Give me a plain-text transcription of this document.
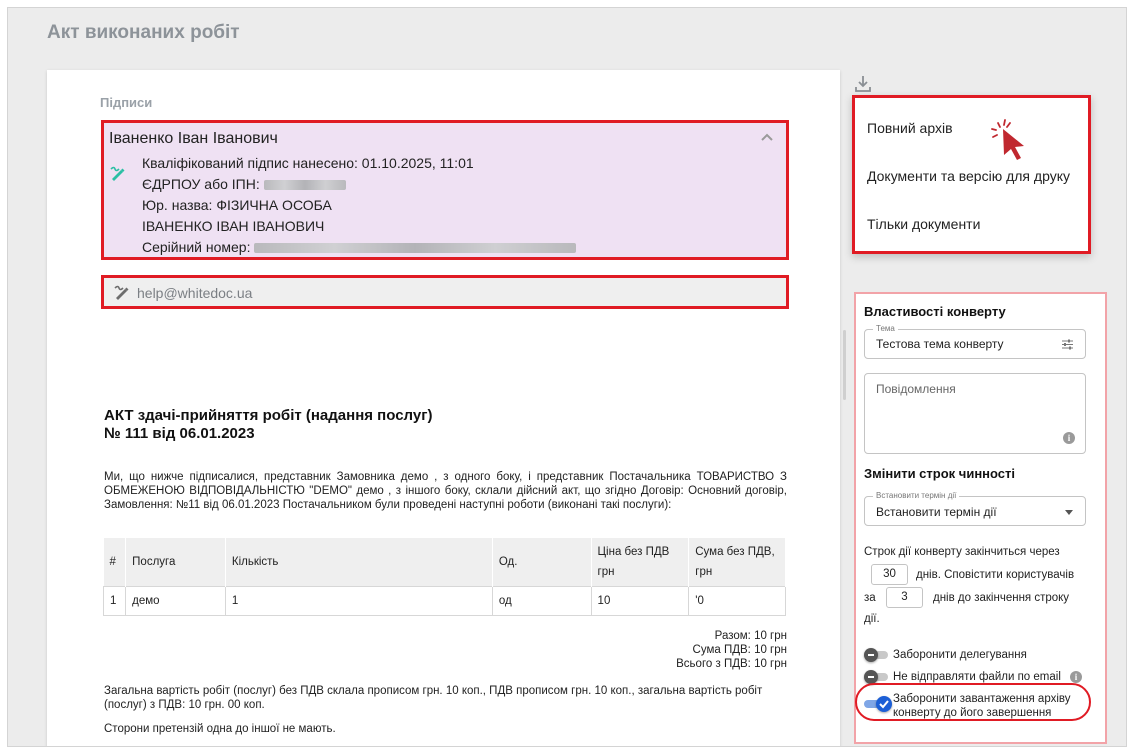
Акт виконаних робіт
Підписи
Іваненко Іван Іванович
Кваліфікований підпис нанесено: 01.10.2025, 11:01
ЄДРПОУ або ІПН:
Юр. назва: ФІЗИЧНА ОСОБА
ІВАНЕНКО ІВАН ІВАНОВИЧ
Серійний номер:
help@whitedoc.ua
АКТ здачі-прийняття робіт (надання послуг)
№ 111 від 06.01.2023
Ми, що нижче підписалися, представник Замовника демо , з одного боку, і представник Постачальника ТОВАРИСТВО З ОБМЕЖЕНОЮ ВІДПОВІДАЛЬНІСТЮ "DEMO" демо , з іншого боку, склали дійсний акт, що згідно Договір: Основний договір, Замовлення: №11 від 06.01.2023 Постачальником були проведені наступні роботи (виконані такі послуги):
#	Послуга	Кількість	Од.	Ціна без ПДВ грн	Сума без ПДВ, грн
1	демо	1	од	10	'0
Разом: 10 грн
Сума ПДВ: 10 грн
Всього з ПДВ: 10 грн
Загальна вартість робіт (послуг) без ПДВ склала прописом грн. 10 коп., ПДВ прописом грн. 10 коп., загальна вартість робіт (послуг) з ПДВ: 10 грн. 00 коп.
Сторони претензій одна до іншої не мають.
Повний архів
Документи та версію для друку
Тільки документи
Властивості конверту
Тема
Тестова тема конверту
Повідомлення
i
Змінити строк чинності
Встановити термін дії
Встановити термін дії
Строк дії конверту закінчиться через
30	днів. Сповістити користувачів
за	3	днів до закінчення строку
дії.
Заборонити делегування
Не відправляти файли по email	i
Заборонити завантаження архіву
конверту до його завершення
